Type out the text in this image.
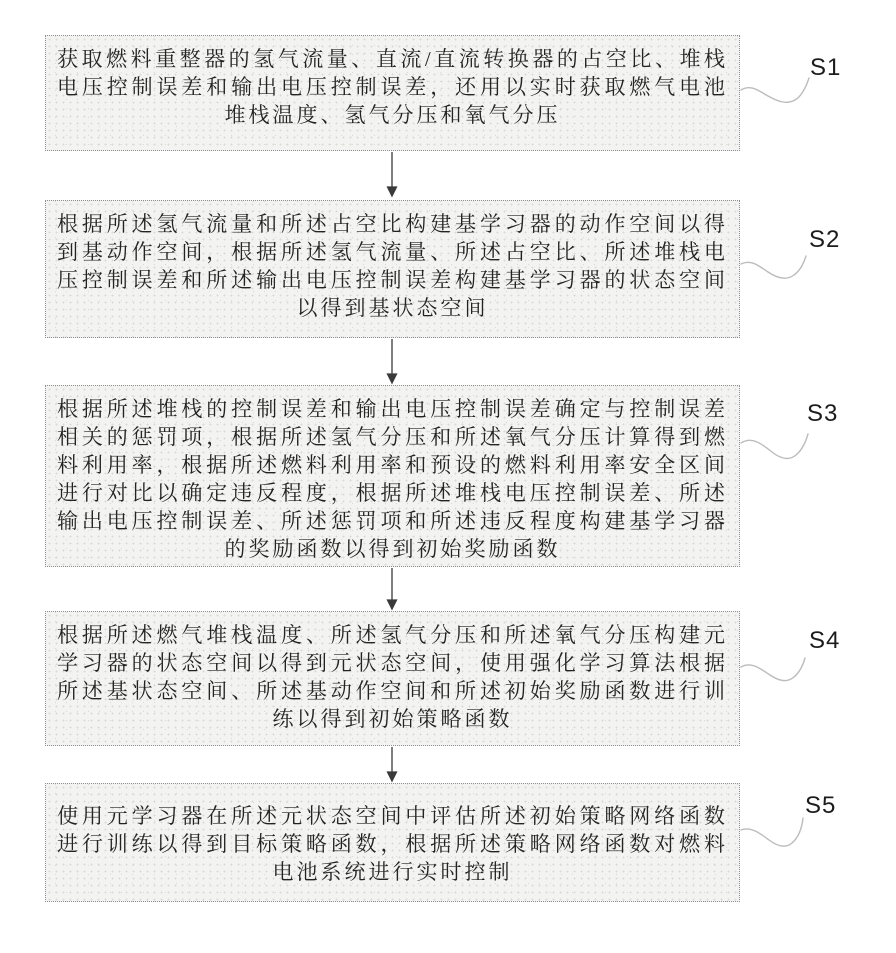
获取燃料重整器的氢气流量、直流/直流转换器的占空比、堆栈电压控制误差和输出电压控制误差，还用以实时获取燃气电池堆栈温度、氢气分压和氧气分压

根据所述氢气流量和所述占空比构建基学习器的动作空间以得到基动作空间，根据所述氢气流量、所述占空比、所述堆栈电压控制误差和所述输出电压控制误差构建基学习器的状态空间以得到基状态空间

根据所述堆栈的控制误差和输出电压控制误差确定与控制误差相关的惩罚项，根据所述氢气分压和所述氧气分压计算得到燃料利用率，根据所述燃料利用率和预设的燃料利用率安全区间进行对比以确定违反程度，根据所述堆栈电压控制误差、所述输出电压控制误差、所述惩罚项和所述违反程度构建基学习器的奖励函数以得到初始奖励函数

根据所述燃气堆栈温度、所述氢气分压和所述氧气分压构建元学习器的状态空间以得到元状态空间，使用强化学习算法根据所述基状态空间、所述基动作空间和所述初始奖励函数进行训练以得到初始策略函数

使用元学习器在所述元状态空间中评估所述初始策略网络函数进行训练以得到目标策略函数，根据所述策略网络函数对燃料电池系统进行实时控制

S1
S2
S3
S4
S5
